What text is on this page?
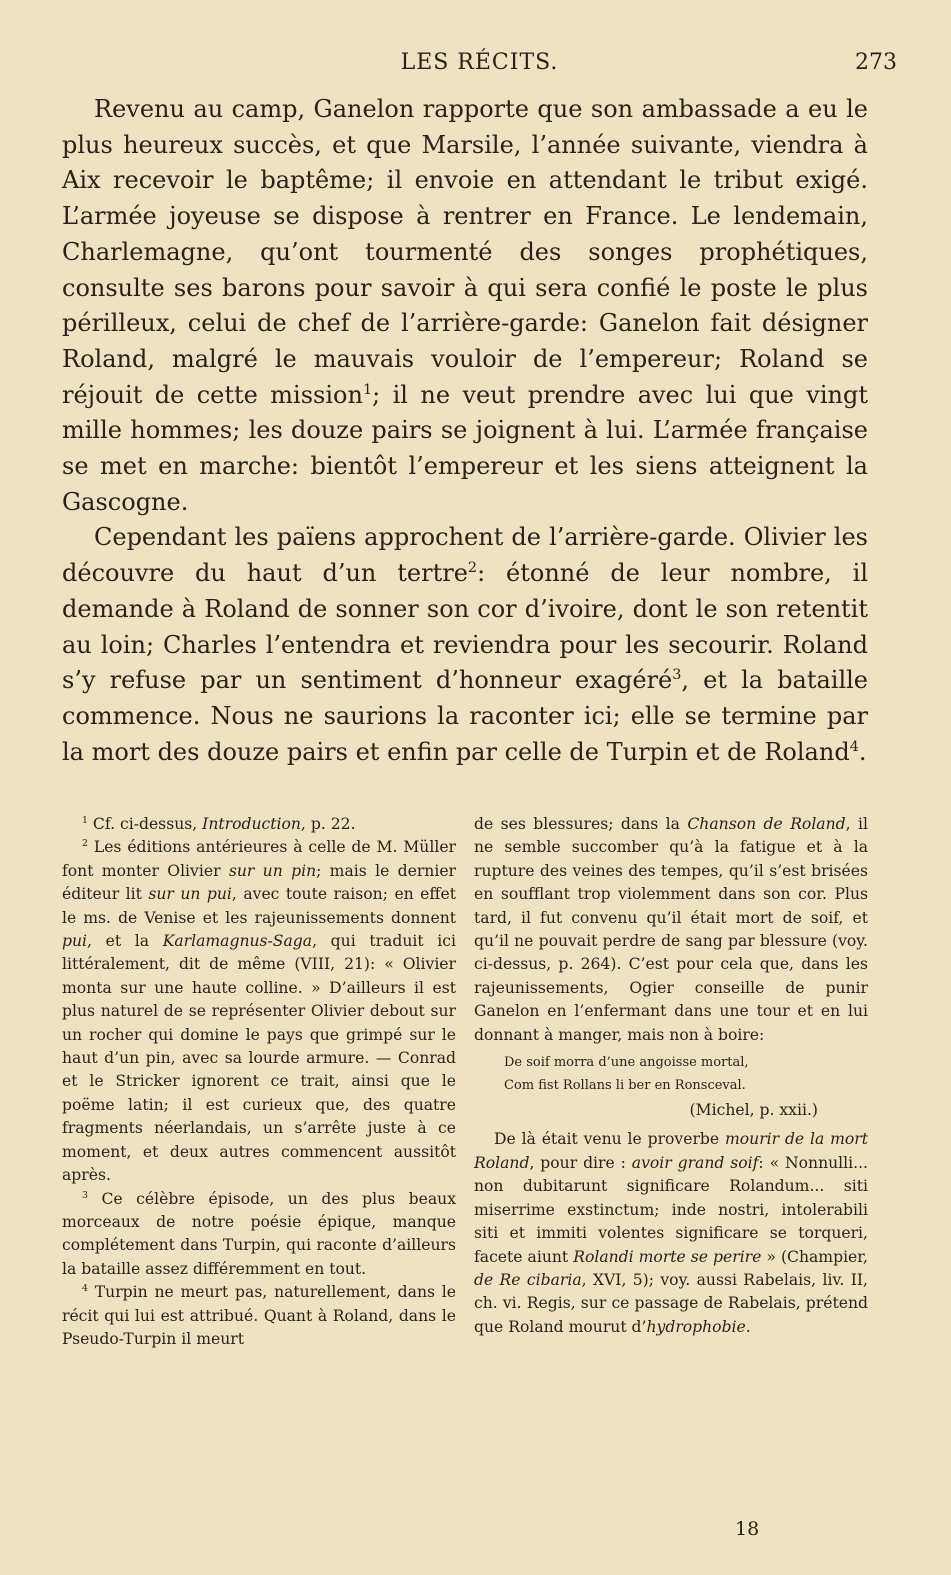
LES RÉCITS.	273

Revenu au camp, Ganelon rapporte que son ambassade a eu le plus heureux succès, et que Marsile, l’année suivante, viendra à Aix recevoir le baptême; il envoie en attendant le tribut exigé. L’armée joyeuse se dispose à rentrer en France. Le lendemain, Charlemagne, qu’ont tourmenté des songes prophétiques, consulte ses barons pour savoir à qui sera confié le poste le plus périlleux, celui de chef de l’arrière-garde: Ganelon fait désigner Roland, malgré le mauvais vouloir de l’empereur; Roland se réjouit de cette mission$^1$; il ne veut prendre avec lui que vingt mille hommes; les douze pairs se joignent à lui. L’armée française se met en marche: bientôt l’empereur et les siens atteignent la Gascogne.

Cependant les païens approchent de l’arrière-garde. Olivier les découvre du haut d’un tertre$^2$: étonné de leur nombre, il demande à Roland de sonner son cor d’ivoire, dont le son retentit au loin; Charles l’entendra et reviendra pour les secourir. Roland s’y refuse par un sentiment d’honneur exagéré$^3$, et la bataille commence. Nous ne saurions la raconter ici; elle se termine par la mort des douze pairs et enfin par celle de Turpin et de Roland$^4$.

$^1$ Cf. ci-dessus, Introduction, p. 22.

$^2$ Les éditions antérieures à celle de M. Müller font monter Olivier sur un pin; mais le dernier éditeur lit sur un pui, avec toute raison; en effet le ms. de Venise et les rajeunissements donnent pui, et la Karlamagnus-Saga, qui traduit ici littéralement, dit de même (VIII, 21): « Olivier monta sur une haute colline. » D’ailleurs il est plus naturel de se représenter Olivier debout sur un rocher qui domine le pays que grimpé sur le haut d’un pin, avec sa lourde armure. — Conrad et le Stricker ignorent ce trait, ainsi que le poëme latin; il est curieux que, des quatre fragments néerlandais, un s’arrête juste à ce moment, et deux autres commencent aussitôt après.

$^3$ Ce célèbre épisode, un des plus beaux morceaux de notre poésie épique, manque complétement dans Turpin, qui raconte d’ailleurs la bataille assez différemment en tout.

$^4$ Turpin ne meurt pas, naturellement, dans le récit qui lui est attribué. Quant à Roland, dans le Pseudo-Turpin il meurt

de ses blessures; dans la Chanson de Roland, il ne semble succomber qu’à la fatigue et à la rupture des veines des tempes, qu’il s’est brisées en soufflant trop violemment dans son cor. Plus tard, il fut convenu qu’il était mort de soif, et qu’il ne pouvait perdre de sang par blessure (voy. ci-dessus, p. 264). C’est pour cela que, dans les rajeunissements, Ogier conseille de punir Ganelon en l’enfermant dans une tour et en lui donnant à manger, mais non à boire:

De soif morra d’une angoisse mortal,

Com fist Rollans li ber en Ronsceval.

(Michel, p. xxii.)

De là était venu le proverbe mourir de la mort Roland, pour dire : avoir grand soif: « Nonnulli... non dubitarunt significare Rolandum... siti miserrime exstinctum; inde nostri, intolerabili siti et immiti volentes significare se torqueri, facete aiunt Rolandi morte se perire » (Champier, de Re cibaria, XVI, 5); voy. aussi Rabelais, liv. II, ch. vi. Regis, sur ce passage de Rabelais, prétend que Roland mourut d’hydrophobie.

18
